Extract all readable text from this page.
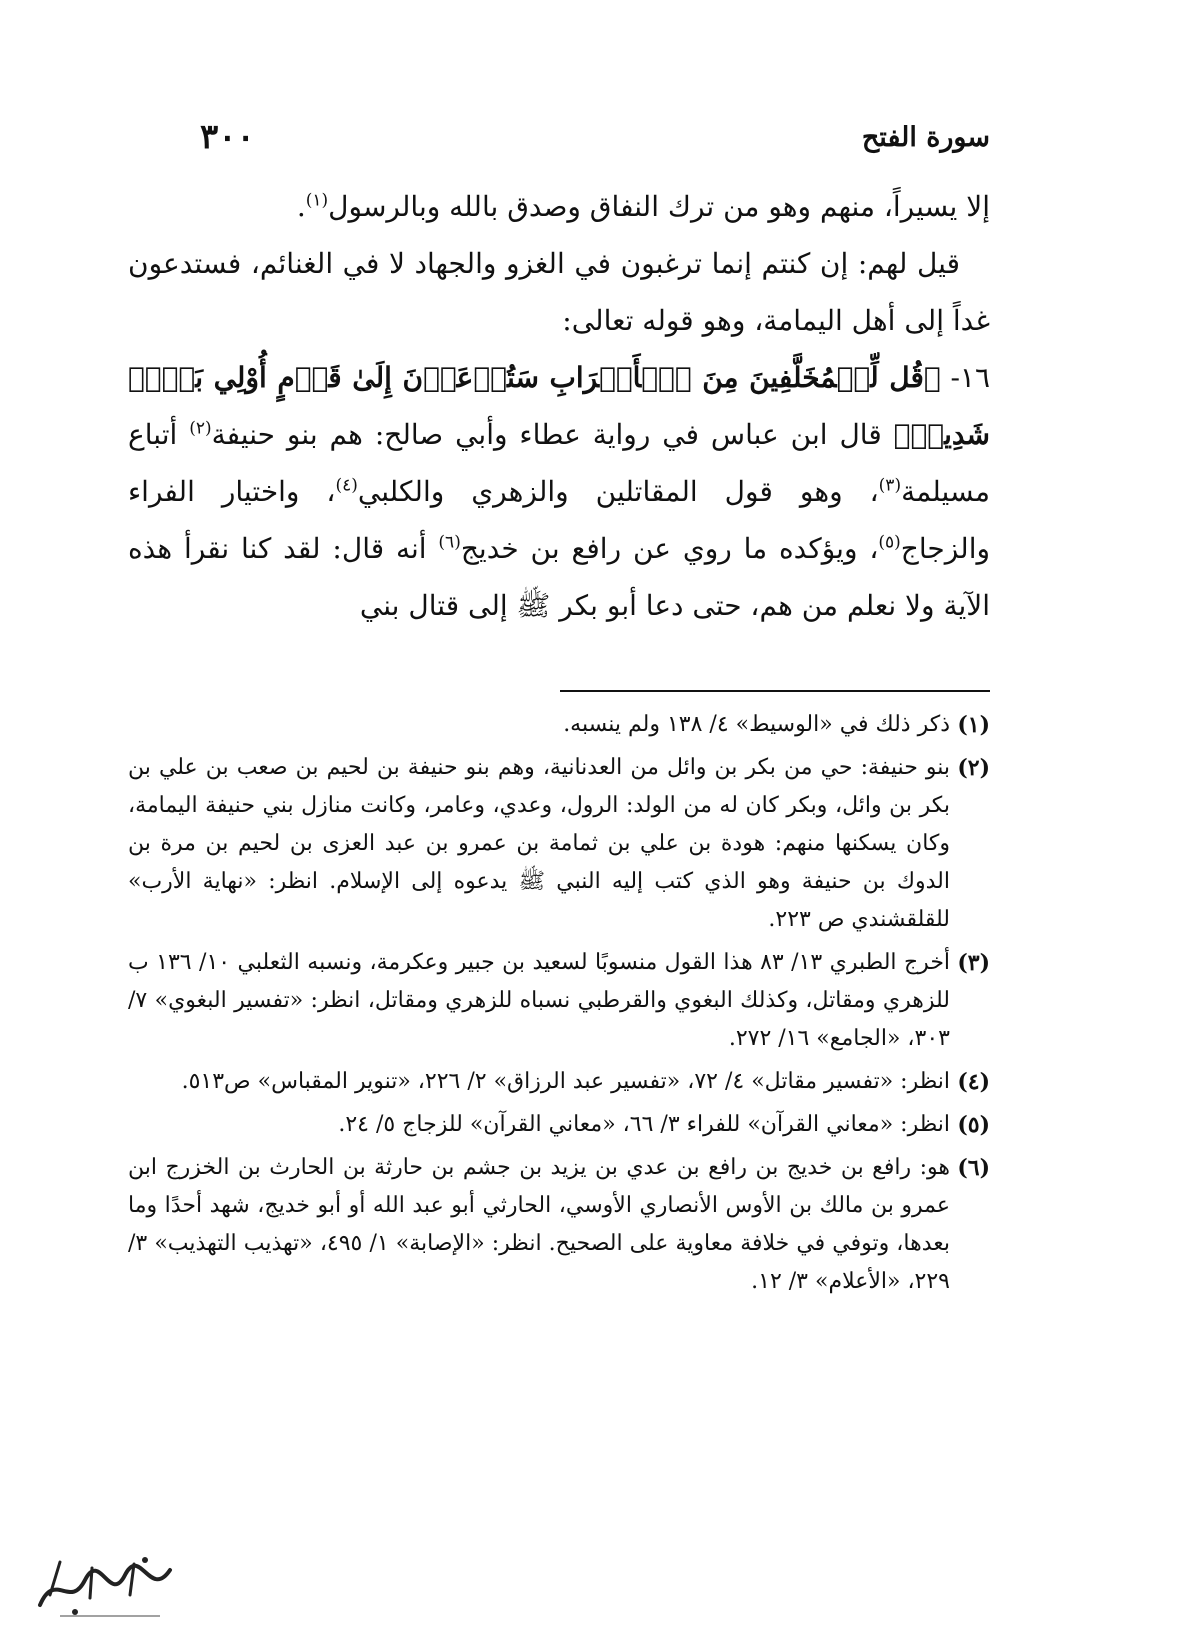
سورة الفتح
٣٠٠

إلا يسيراً، منهم وهو من ترك النفاق وصدق بالله وبالرسول$^{(١)}$.

قيل لهم: إن كنتم إنما ترغبون في الغزو والجهاد لا في الغنائم، فستدعون غداً إلى أهل اليمامة، وهو قوله تعالى:

١٦- ﴿قُل لِّلۡمُخَلَّفِينَ مِنَ ٱلۡأَعۡرَابِ سَتُدۡعَوۡنَ إِلَىٰ قَوۡمٍ أُوْلِي بَأۡسٖ شَدِيدٖ﴾ قال ابن عباس في رواية عطاء وأبي صالح: هم بنو حنيفة$^{(٢)}$ أتباع مسيلمة$^{(٣)}$، وهو قول المقاتلين والزهري والكلبي$^{(٤)}$، واختيار الفراء والزجاج$^{(٥)}$، ويؤكده ما روي عن رافع بن خديج$^{(٦)}$ أنه قال: لقد كنا نقرأ هذه الآية ولا نعلم من هم، حتى دعا أبو بكر ﷺ إلى قتال بني

(١)
ذكر ذلك في «الوسيط» ٤/ ١٣٨ ولم ينسبه.
(٢)
بنو حنيفة: حي من بكر بن وائل من العدنانية، وهم بنو حنيفة بن لحيم بن صعب بن علي بن بكر بن وائل، وبكر كان له من الولد: الرول، وعدي، وعامر، وكانت منازل بني حنيفة اليمامة، وكان يسكنها منهم: هودة بن علي بن ثمامة بن عمرو بن عبد العزى بن لحيم بن مرة بن الدوك بن حنيفة وهو الذي كتب إليه النبي ﷺ يدعوه إلى الإسلام. انظر: «نهاية الأرب» للقلقشندي ص ٢٢٣.
(٣)
أخرج الطبري ١٣/ ٨٣ هذا القول منسوبًا لسعيد بن جبير وعكرمة، ونسبه الثعلبي ١٠/ ١٣٦ ب للزهري ومقاتل، وكذلك البغوي والقرطبي نسباه للزهري ومقاتل، انظر: «تفسير البغوي» ٧/ ٣٠٣، «الجامع» ١٦/ ٢٧٢.
(٤)
انظر: «تفسير مقاتل» ٤/ ٧٢، «تفسير عبد الرزاق» ٢/ ٢٢٦، «تنوير المقباس» ص٥١٣.
(٥)
انظر: «معاني القرآن» للفراء ٣/ ٦٦، «معاني القرآن» للزجاج ٥/ ٢٤.
(٦)
هو: رافع بن خديج بن رافع بن عدي بن يزيد بن جشم بن حارثة بن الحارث بن الخزرج ابن عمرو بن مالك بن الأوس الأنصاري الأوسي، الحارثي أبو عبد الله أو أبو خديج، شهد أحدًا وما بعدها، وتوفي في خلافة معاوية على الصحيح. انظر: «الإصابة» ١/ ٤٩٥، «تهذيب التهذيب» ٣/ ٢٢٩، «الأعلام» ٣/ ١٢.
